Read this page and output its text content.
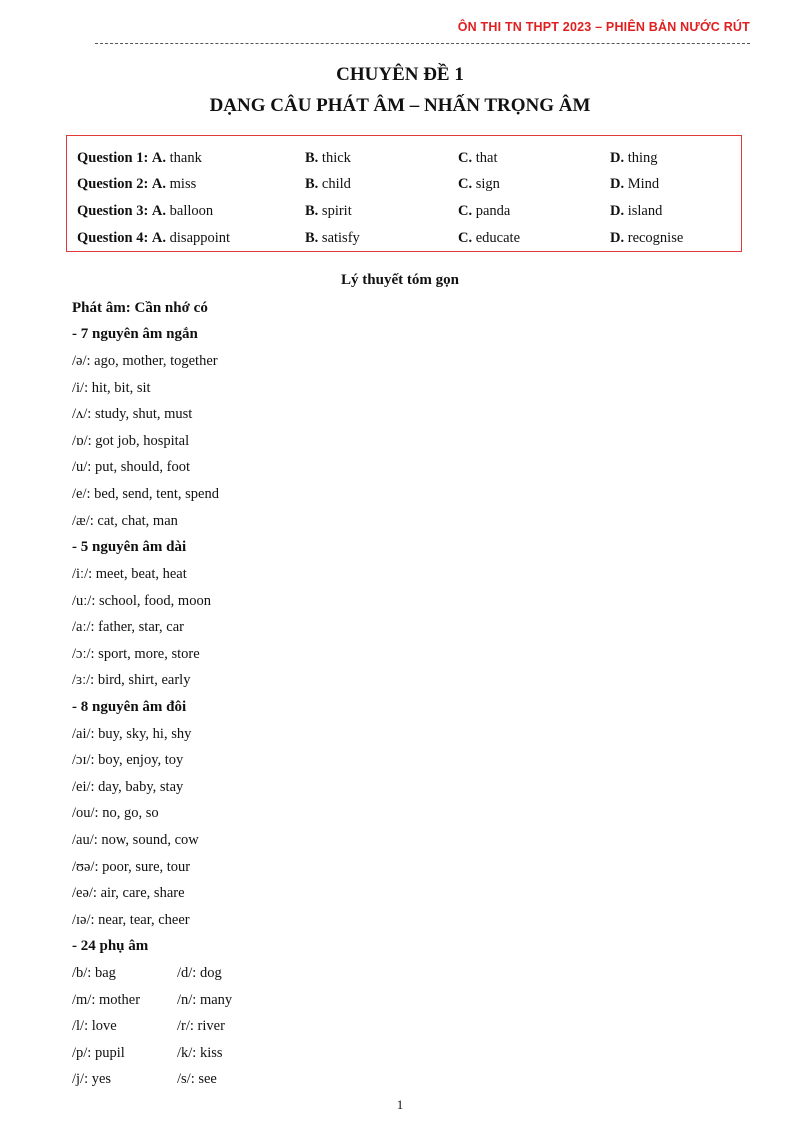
ÔN THI TN THPT 2023 – PHIÊN BẢN NƯỚC RÚT
CHUYÊN ĐỀ 1
DẠNG CÂU PHÁT ÂM – NHẤN TRỌNG ÂM
Question 1: A. thank	B. thick	C. that	D. thing
Question 2: A. miss	B. child	C. sign	D. Mind
Question 3: A. balloon	B. spirit	C. panda	D. island
Question 4: A. disappoint	B. satisfy	C. educate	D. recognise
Lý thuyết tóm gọn
Phát âm: Cần nhớ có
- 7 nguyên âm ngắn
/ə/: ago, mother, together
/i/: hit, bit, sit
/ʌ/: study, shut, must
/ɒ/: got job, hospital
/u/: put, should, foot
/e/: bed, send, tent, spend
/æ/: cat, chat, man
- 5 nguyên âm dài
/iː/: meet, beat, heat
/uː/: school, food, moon
/aː/: father, star, car
/ɔː/: sport, more, store
/ɜː/: bird, shirt, early
- 8 nguyên âm đôi
/ai/: buy, sky, hi, shy
/ɔɪ/: boy, enjoy, toy
/ei/: day, baby, stay
/ou/: no, go, so
/au/: now, sound, cow
/ʊə/: poor, sure, tour
/eə/: air, care, share
/ɪə/: near, tear, cheer
- 24 phụ âm
/b/: bag	/d/: dog
/m/: mother	/n/: many
/l/: love	/r/: river
/p/: pupil	/k/: kiss
/j/: yes	/s/: see
1
